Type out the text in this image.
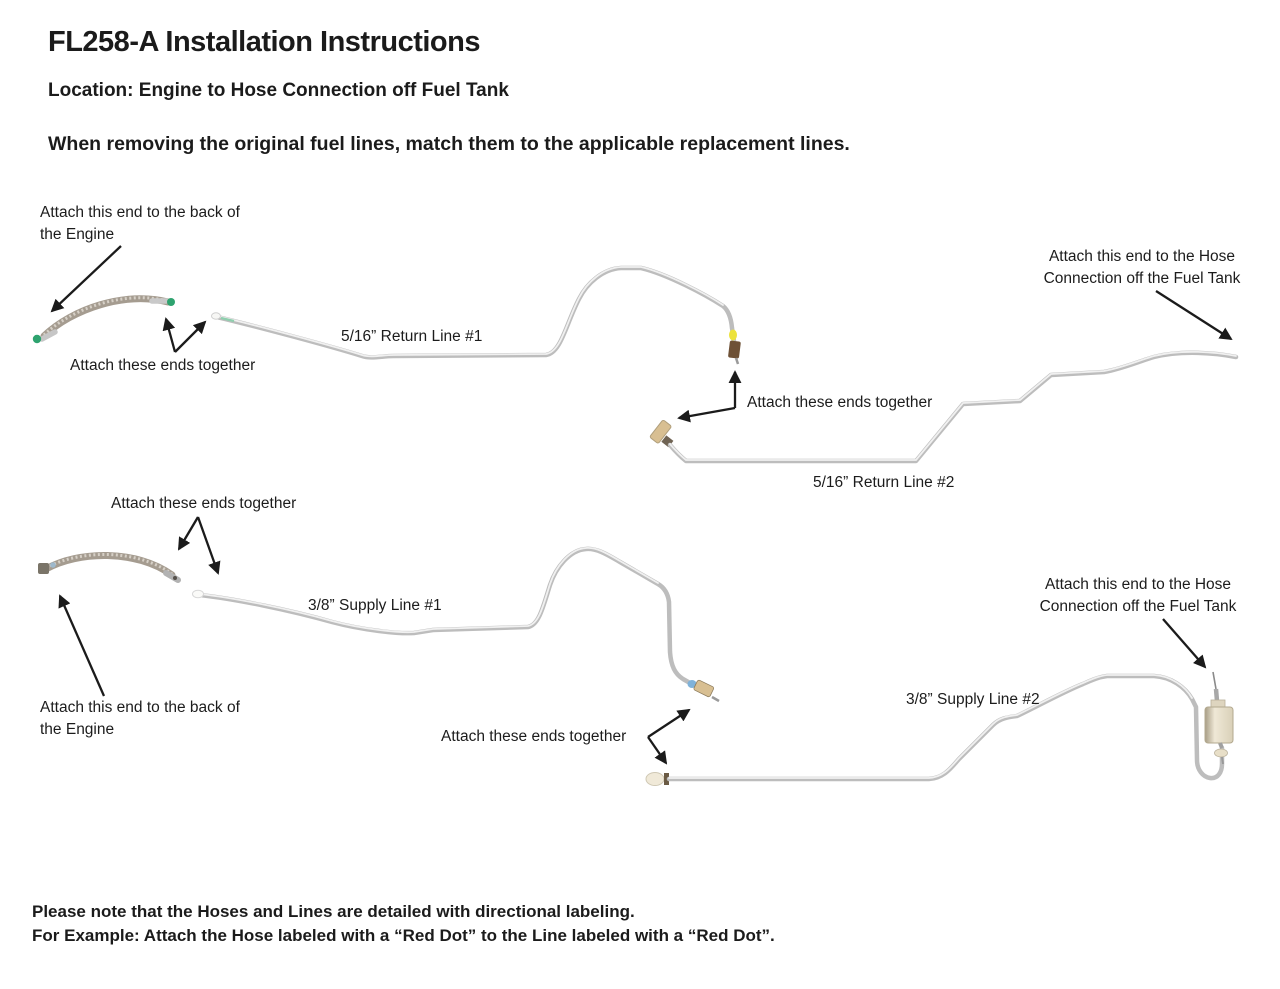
FL258-A Installation Instructions
Location: Engine to Hose Connection off Fuel Tank
When removing the original fuel lines, match them to the applicable replacement lines.
Attach this end to the back of
the Engine
Attach these ends together
5/16” Return Line #1
Attach this end to the Hose
Connection off the Fuel Tank
Attach these ends together
5/16” Return Line #2
Attach these ends together
3/8” Supply Line #1
Attach this end to the back of
the Engine	Attach these ends together
3/8” Supply Line #2
Attach this end to the Hose
Connection off the Fuel Tank
Please note that the Hoses and Lines are detailed with directional labeling.
For Example: Attach the Hose labeled with a “Red Dot” to the Line labeled with a “Red Dot”.
